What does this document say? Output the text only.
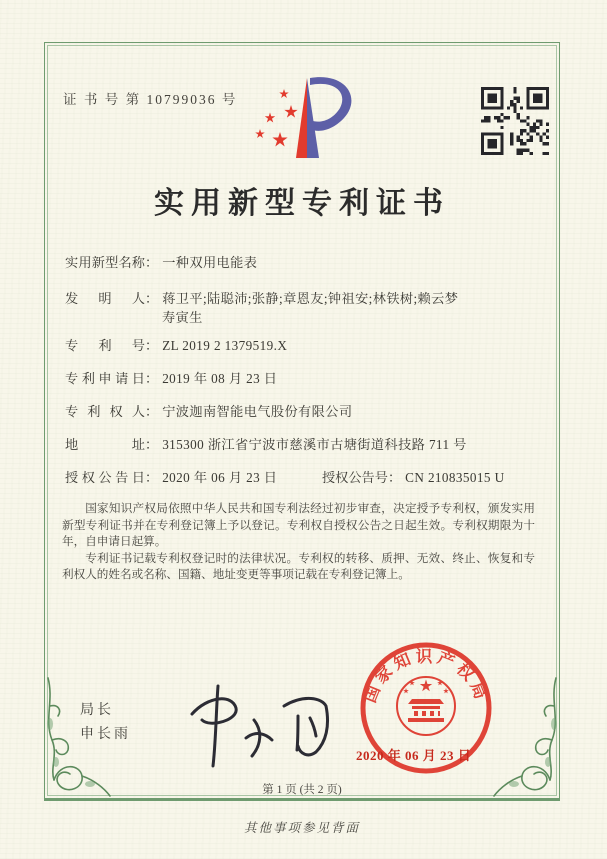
证 书 号 第 10799036 号
实用新型专利证书
实用新型名称 ： 一种双用电能表
发明人 ： 蒋卫平;陆聪沛;张静;章恩友;钟祖安;林铁树;赖云梦
寿寅生
专利号 ： ZL 2019 2 1379519.X
专利申请日 ： 2019 年 08 月 23 日
专利权人 ： 宁波迦南智能电气股份有限公司
地址 ： 315300 浙江省宁波市慈溪市古塘街道科技路 711 号
授权公告日 ： 2020 年 06 月 23 日	授权公告号 ： CN 210835015 U

国家知识产权局依照中华人民共和国专利法经过初步审查，决定授予专利权，颁发实用新型专利证书并在专利登记簿上予以登记。专利权自授权公告之日起生效。专利权期限为十年，自申请日起算。

专利证书记载专利权登记时的法律状况。专利权的转移、质押、无效、终止、恢复和专利权人的姓名或名称、国籍、地址变更等事项记载在专利登记簿上。

局长
申长雨
国家知识产权局
2020 年 06 月 23 日
第 1 页 (共 2 页)
其他事项参见背面
